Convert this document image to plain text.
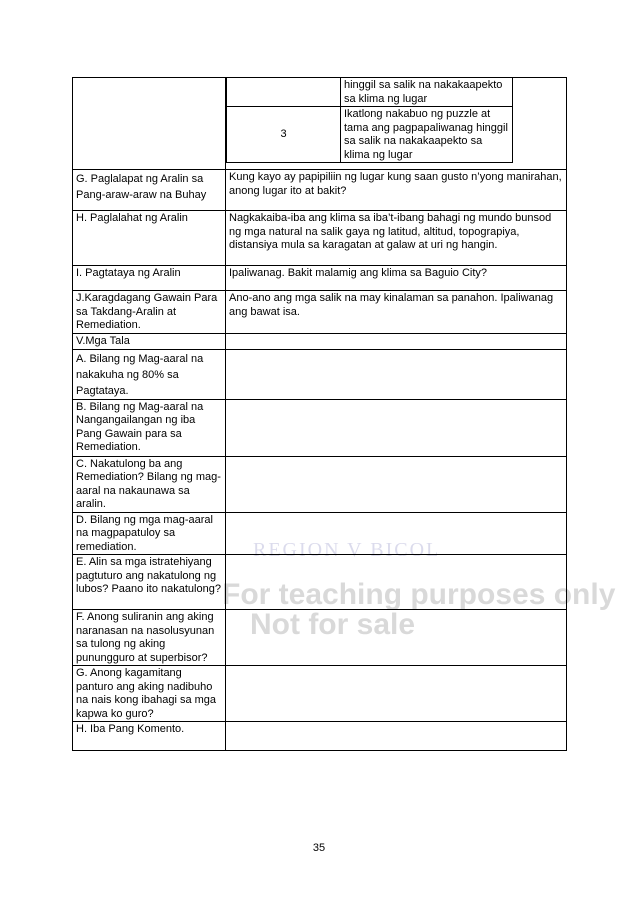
REGION V BICOL
For teaching purposes only
Not for sale

	hinggil sa salik na nakakaapekto sa klima ng lugar	
3	Ikatlong nakabuo ng puzzle at tama ang pagpapaliwanag hinggil sa salik na nakakaapekto sa klima ng lugar	

G. Paglalapat ng Aralin sa Pang-araw-araw na Buhay	Kung kayo ay papipiliin ng lugar kung saan gusto n’yong manirahan, anong lugar ito at bakit?
H. Paglalahat ng Aralin	Nagkakaiba-iba ang klima sa iba’t-ibang bahagi ng mundo bunsod ng mga natural na salik gaya ng latitud, altitud, topograpiya, distansiya mula sa karagatan at galaw at uri ng hangin.
I. Pagtataya ng Aralin	Ipaliwanag. Bakit malamig ang klima sa Baguio City?
J.Karagdagang Gawain Para sa Takdang-Aralin at Remediation.	Ano-ano ang mga salik na may kinalaman sa panahon. Ipaliwanag ang bawat isa.
V.Mga Tala	
A. Bilang ng Mag-aaral na nakakuha ng 80% sa Pagtataya.	
B. Bilang ng Mag-aaral na Nangangailangan ng iba Pang Gawain para sa Remediation.	
C. Nakatulong ba ang Remediation? Bilang ng mag-aaral na nakaunawa sa aralin.	
D. Bilang ng mga mag-aaral na magpapatuloy sa remediation.	
E. Alin sa mga istratehiyang pagtuturo ang nakatulong ng lubos? Paano ito nakatulong?	
F. Anong suliranin ang aking naranasan na nasolusyunan sa tulong ng aking punungguro at superbisor?	
G. Anong kagamitang panturo ang aking nadibuho na nais kong ibahagi sa mga kapwa ko guro?	
H. Iba Pang Komento.	
35
